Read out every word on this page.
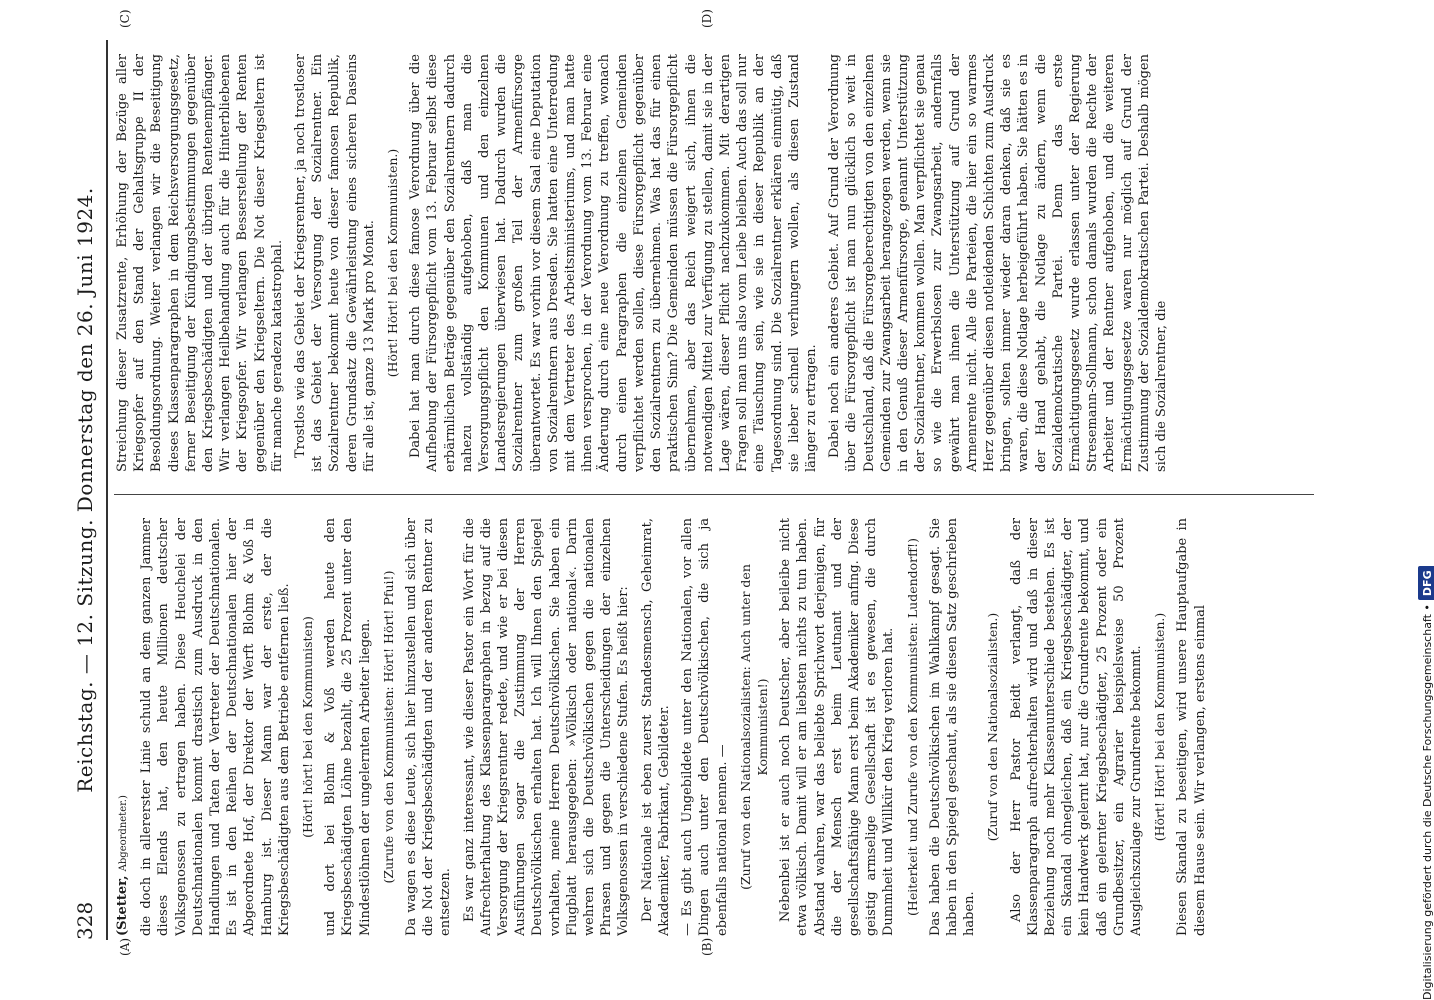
328
Reichstag. — 12. Sitzung. Donnerstag den 26. Juni 1924.
(A)	(B)
(C)	(D)

(Stetter, Abgeordneter.) die doch in allererster Linie schuld an dem ganzen Jammer dieses Elends hat, den heute Millionen deutscher Volksgenossen zu ertragen haben. Diese Heuchelei der Deutschnationalen kommt drastisch zum Ausdruck in den Handlungen und Taten der Vertreter der Deutschnationalen. Es ist in den Reihen der Deutschnationalen hier der Abgeordnete Hof, der Direktor der Werft Blohm & Voß in Hamburg ist. Dieser Mann war der erste, der die Kriegsbeschädigten aus dem Betriebe entfernen ließ. (Hört! hört! bei den Kommunisten) und dort bei Blohm & Voß werden heute den Kriegsbeschädigten Löhne bezahlt, die 25 Prozent unter den Mindestlöhnen der ungelernten Arbeiter liegen. (Zurufe von den Kommunisten: Hört! Hört! Pfui!) Da wagen es diese Leute, sich hier hinzustellen und sich über die Not der Kriegsbeschädigten und der anderen Rentner zu entsetzen. Es war ganz interessant, wie dieser Pastor ein Wort für die Aufrechterhaltung des Klassenparagraphen in bezug auf die Versorgung der Kriegsrentner redete, und wie er bei diesen Ausführungen sogar die Zustimmung der Herren Deutschvölkischen erhalten hat. Ich will Ihnen den Spiegel vorhalten, meine Herren Deutschvölkischen. Sie haben ein Flugblatt herausgegeben: »Völkisch oder national«. Darin wehren sich die Deutschvölkischen gegen die nationalen Phrasen und gegen die Unterscheidungen der einzelnen Volksgenossen in verschiedene Stufen. Es heißt hier: Der Nationale ist eben zuerst Standesmensch, Geheimrat, Akademiker, Fabrikant, Gebildeter. — Es gibt auch Ungebildete unter den Nationalen, vor allen Dingen auch unter den Deutschvölkischen, die sich ja ebenfalls national nennen. — (Zuruf von den Nationalsozialisten: Auch unter den Kommunisten!) Nebenbei ist er auch noch Deutscher, aber beileibe nicht etwa völkisch. Damit will er am liebsten nichts zu tun haben. Abstand wahren, war das beliebte Sprichwort derjenigen, für die der Mensch erst beim Leutnant und der gesellschaftsfähige Mann erst beim Akademiker anfing. Diese geistig armselige Gesellschaft ist es gewesen, die durch Dummheit und Willkür den Krieg verloren hat. (Heiterkeit und Zurufe von den Kommunisten: Ludendorff!) Das haben die Deutschvölkischen im Wahlkampf gesagt. Sie haben in den Spiegel geschaut, als sie diesen Satz geschrieben haben.

(Zuruf von den Nationalsozialisten.) Also der Herr Pastor Beidt verlangt, daß der Klassenparagraph aufrechterhalten wird und daß in dieser Beziehung noch mehr Klassenunterschiede bestehen. Es ist ein Skandal ohnegleichen, daß ein Kriegsbeschädigter, der kein Handwerk gelernt hat, nur die Grundrente bekommt, und daß ein gelernter Kriegsbeschädigter, 25 Prozent oder ein Grundbesitzer, ein Agrarier beispielsweise 50 Prozent Ausgleichszulage zur Grundrente bekommt. (Hört! Hört! bei den Kommunisten.) Diesen Skandal zu beseitigen, wird unsere Hauptaufgabe in diesem Hause sein. Wir verlangen, erstens einmal

Streichung dieser Zusatzrente, Erhöhung der Bezüge aller Kriegsopfer auf den Stand der Gehaltsgruppe II der Besoldungsordnung. Weiter verlangen wir die Beseitigung dieses Klassenparagraphen in dem Reichsversorgungsgesetz, ferner Beseitigung der Kündigungsbestimmungen gegenüber den Kriegsbeschädigten und der übrigen Rentenempfänger. Wir verlangen Heilbehandlung auch für die Hinterbliebenen der Kriegsopfer. Wir verlangen Besserstellung der Renten gegenüber den Kriegseltern. Die Not dieser Kriegseltern ist für manche geradezu katastrophal. Trostlos wie das Gebiet der Kriegsrentner, ja noch trostloser ist das Gebiet der Versorgung der Sozialrentner. Ein Sozialrentner bekommt heute von dieser famosen Republik, deren Grundsatz die Gewährleistung eines sicheren Daseins für alle ist, ganze 13 Mark pro Monat. (Hört! Hört! bei den Kommunisten.) Dabei hat man durch diese famose Verordnung über die Aufhebung der Fürsorgepflicht vom 13. Februar selbst diese erbärmlichen Beträge gegenüber den Sozialrentnern dadurch nahezu vollständig aufgehoben, daß man die Versorgungspflicht den Kommunen und den einzelnen Landesregierungen überwiesen hat. Dadurch wurden die Sozialrentner zum großen Teil der Armenfürsorge überantwortet. Es war vorhin vor diesem Saal eine Deputation von Sozialrentnern aus Dresden. Sie hatten eine Unterredung mit dem Vertreter des Arbeitsministeriums, und man hatte ihnen versprochen, in der Verordnung vom 13. Februar eine Änderung durch eine neue Verordnung zu treffen, wonach durch einen Paragraphen die einzelnen Gemeinden verpflichtet werden sollen, diese Fürsorgepflicht gegenüber den Sozialrentnern zu übernehmen. Was hat das für einen praktischen Sinn? Die Gemeinden müssen die Fürsorgepflicht übernehmen, aber das Reich weigert sich, ihnen die notwendigen Mittel zur Verfügung zu stellen, damit sie in der Lage wären, dieser Pflicht nachzukommen. Mit derartigen Fragen soll man uns also vom Leibe bleiben. Auch das soll nur eine Täuschung sein, wie sie in dieser Republik an der Tagesordnung sind. Die Sozialrentner erklären einmütig, daß sie lieber schnell verhungern wollen, als diesen Zustand länger zu ertragen. Dabei noch ein anderes Gebiet. Auf Grund der Verordnung über die Fürsorgepflicht ist man nun glücklich so weit in Deutschland, daß die Fürsorgeberechtigten von den einzelnen Gemeinden zur Zwangsarbeit herangezogen werden, wenn sie in den Genuß dieser Armenfürsorge, genannt Unterstützung der Sozialrentner, kommen wollen. Man verpflichtet sie genau so wie die Erwerbslosen zur Zwangsarbeit, andernfalls gewährt man ihnen die Unterstützung auf Grund der Armenrente nicht. Alle die Parteien, die hier ein so warmes Herz gegenüber diesen notleidenden Schichten zum Ausdruck bringen, sollten immer wieder daran denken, daß sie es waren, die diese Notlage herbeigeführt haben. Sie hätten es in der Hand gehabt, die Notlage zu ändern, wenn die Sozialdemokratische Partei. Denn das erste Ermächtigungsgesetz wurde erlassen unter der Regierung Stresemann-Sollmann, schon damals wurden die Rechte der Arbeiter und der Rentner aufgehoben, und die weiteren Ermächtigungsgesetze waren nur möglich auf Grund der Zustimmung der Sozialdemokratischen Partei. Deshalb mögen sich die Sozialrentner, die

Digitalisierung gefördert durch die Deutsche Forschungsgemeinschaft •DFG
